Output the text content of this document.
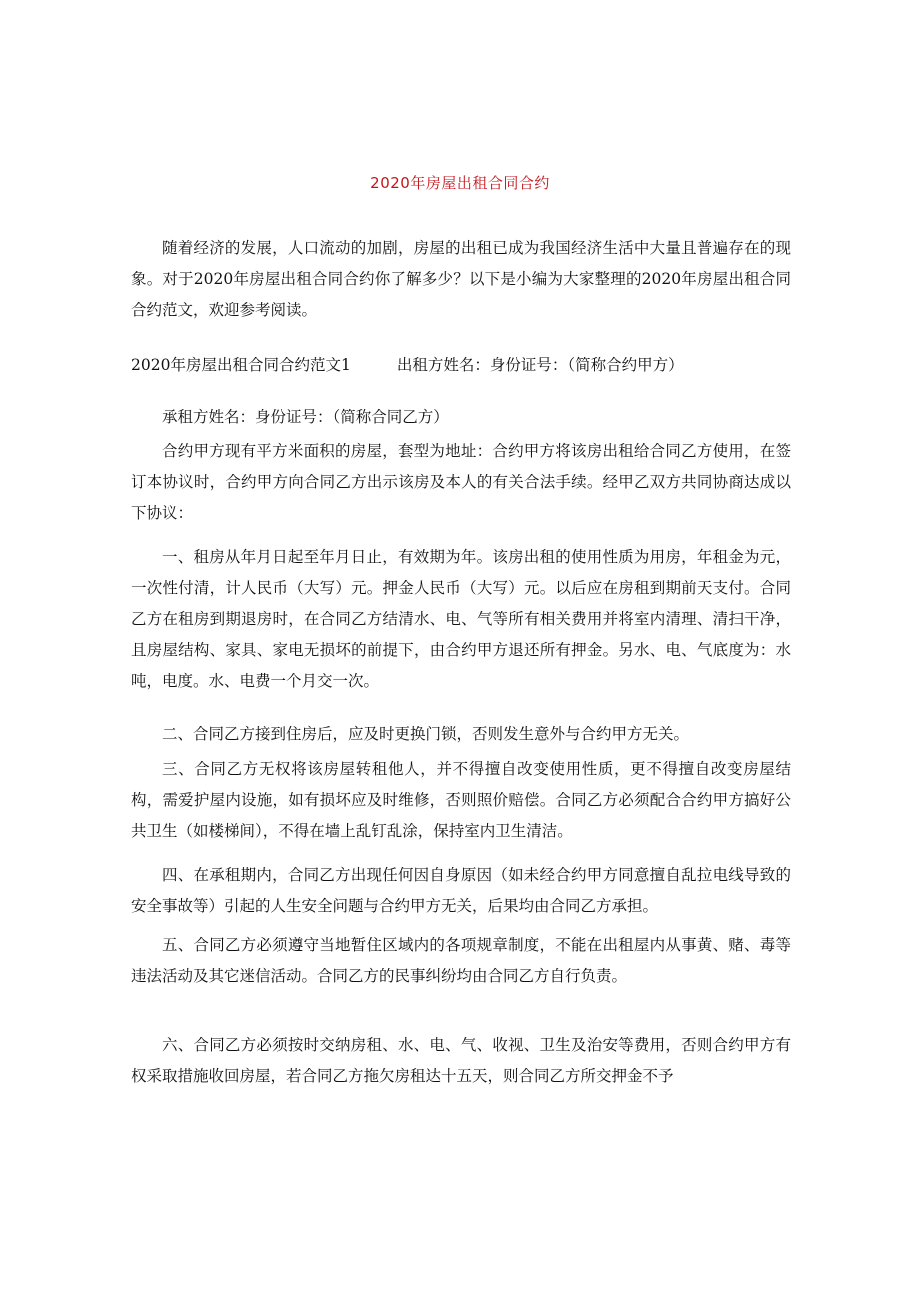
2020年房屋出租合同合约

随着经济的发展，人口流动的加剧，房屋的出租已成为我国经济生活中大量且普遍存在的现象。对于2020年房屋出租合同合约你了解多少？以下是小编为大家整理的2020年房屋出租合同合约范文，欢迎参考阅读。

2020年房屋出租合同合约范文1	出租方姓名：身份证号：（简称合约甲方）

承租方姓名：身份证号：（简称合同乙方）

合约甲方现有平方米面积的房屋，套型为地址：合约甲方将该房出租给合同乙方使用，在签订本协议时，合约甲方向合同乙方出示该房及本人的有关合法手续。经甲乙双方共同协商达成以下协议：

一、租房从年月日起至年月日止，有效期为年。该房出租的使用性质为用房，年租金为元，一次性付清，计人民币（大写）元。押金人民币（大写）元。以后应在房租到期前天支付。合同乙方在租房到期退房时，在合同乙方结清水、电、气等所有相关费用并将室内清理、清扫干净，且房屋结构、家具、家电无损坏的前提下，由合约甲方退还所有押金。另水、电、气底度为：水吨，电度。水、电费一个月交一次。

二、合同乙方接到住房后，应及时更换门锁，否则发生意外与合约甲方无关。

三、合同乙方无权将该房屋转租他人，并不得擅自改变使用性质，更不得擅自改变房屋结构，需爱护屋内设施，如有损坏应及时维修，否则照价赔偿。合同乙方必须配合合约甲方搞好公共卫生（如楼梯间），不得在墙上乱钉乱涂，保持室内卫生清洁。

四、在承租期内，合同乙方出现任何因自身原因（如未经合约甲方同意擅自乱拉电线导致的安全事故等）引起的人生安全问题与合约甲方无关，后果均由合同乙方承担。

五、合同乙方必须遵守当地暂住区域内的各项规章制度，不能在出租屋内从事黄、赌、毒等违法活动及其它迷信活动。合同乙方的民事纠纷均由合同乙方自行负责。

六、合同乙方必须按时交纳房租、水、电、气、收视、卫生及治安等费用，否则合约甲方有权采取措施收回房屋，若合同乙方拖欠房租达十五天，则合同乙方所交押金不予
